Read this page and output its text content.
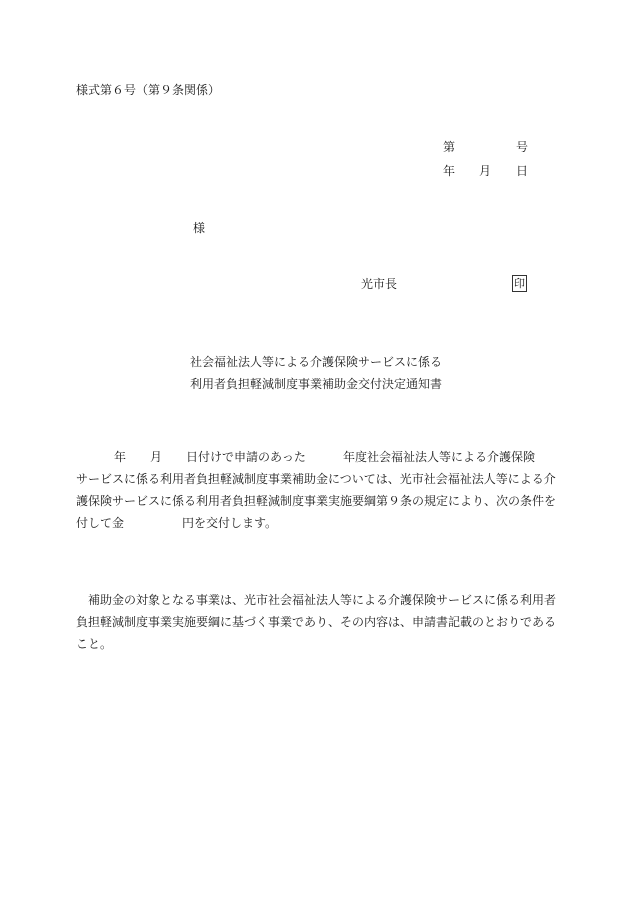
様式第６号（第９条関係）
第	号
年 月 日
様
光市長	印
社会福祉法人等による介護保険サービスに係る
利用者負担軽減制度事業補助金交付決定通知書
年 月 日付けで申請のあった	年度社会福祉法人等による介護保険
サービスに係る利用者負担軽減制度事業補助金については、光市社会福祉法人等による介
護保険サービスに係る利用者負担軽減制度事業実施要綱第９条の規定により、次の条件を
付して金	円を交付します。
　補助金の対象となる事業は、光市社会福祉法人等による介護保険サービスに係る利用者
負担軽減制度事業実施要綱に基づく事業であり、その内容は、申請書記載のとおりである
こと。
